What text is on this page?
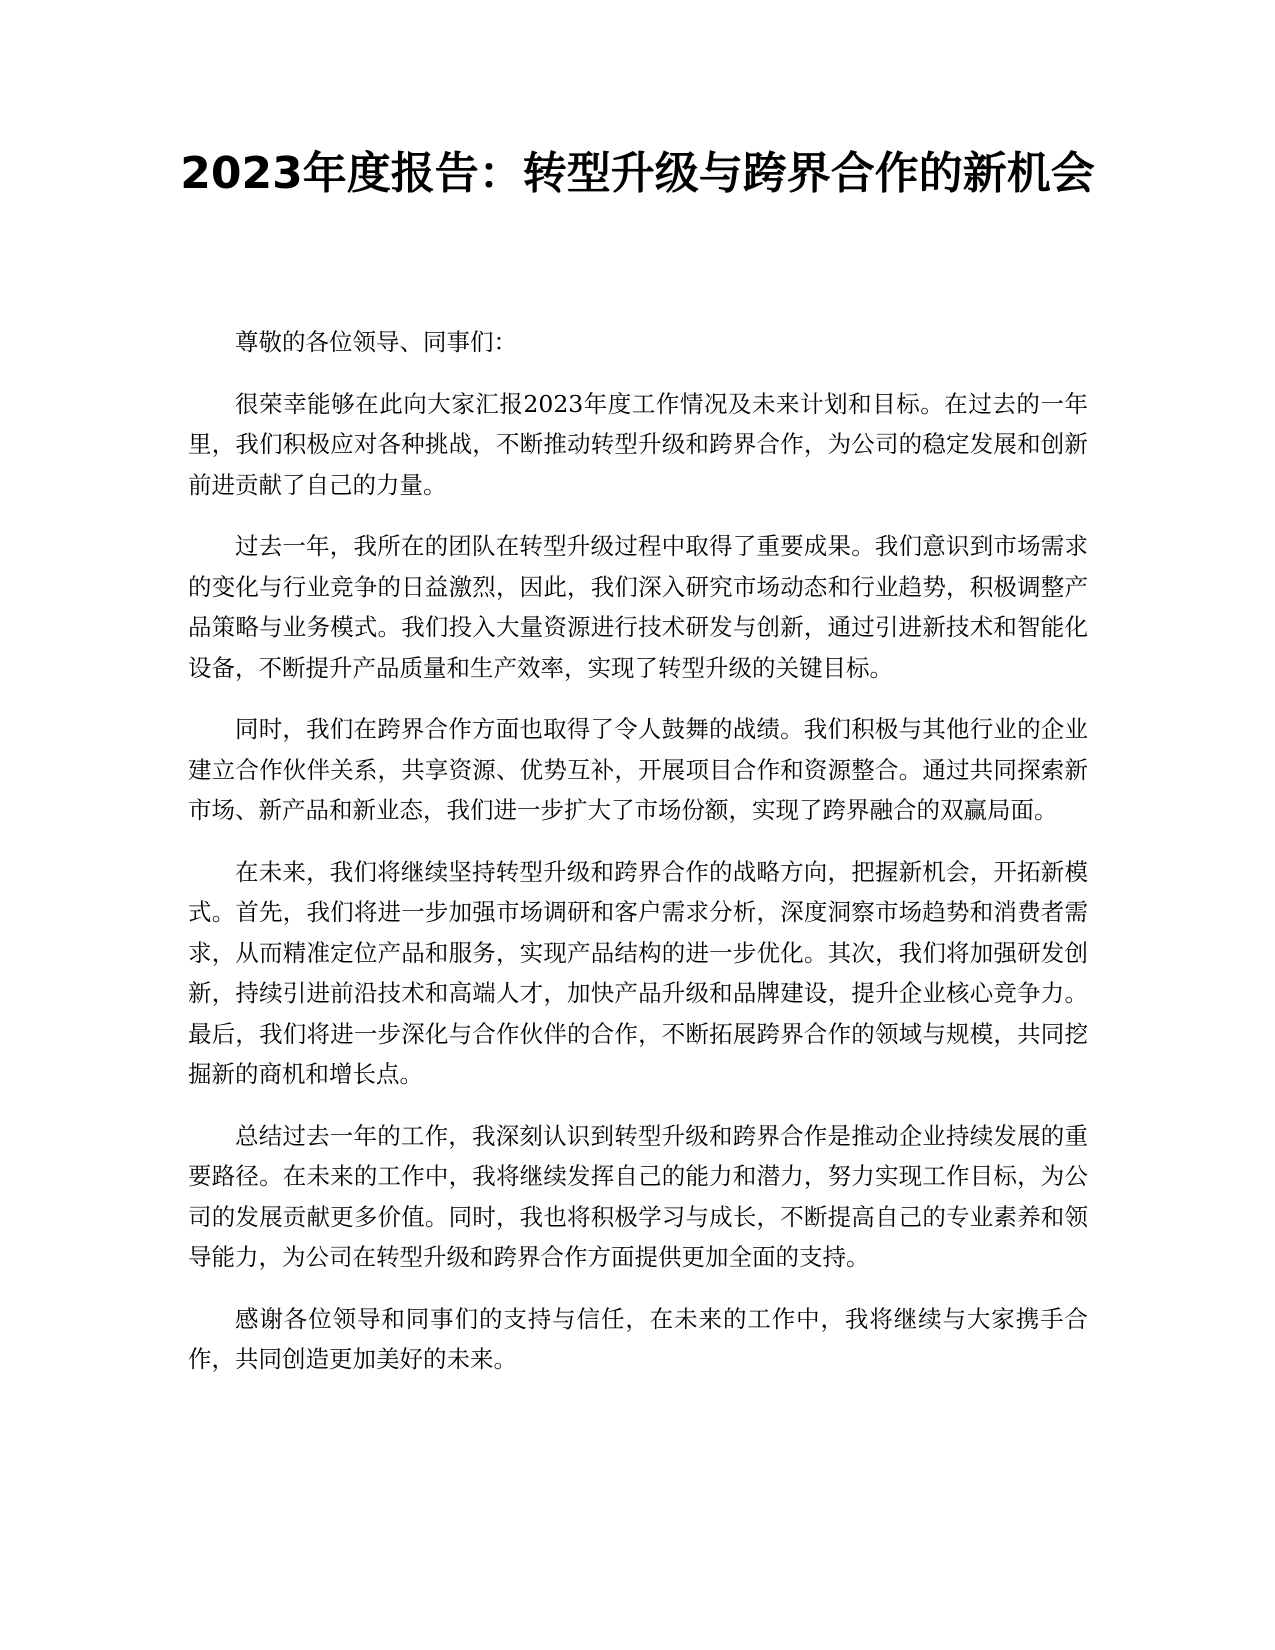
2023年度报告：转型升级与跨界合作的新机会

尊敬的各位领导、同事们：

很荣幸能够在此向大家汇报2023年度工作情况及未来计划和目标。在过去的一年里，我们积极应对各种挑战，不断推动转型升级和跨界合作，为公司的稳定发展和创新前进贡献了自己的力量。

过去一年，我所在的团队在转型升级过程中取得了重要成果。我们意识到市场需求的变化与行业竞争的日益激烈，因此，我们深入研究市场动态和行业趋势，积极调整产品策略与业务模式。我们投入大量资源进行技术研发与创新，通过引进新技术和智能化设备，不断提升产品质量和生产效率，实现了转型升级的关键目标。

同时，我们在跨界合作方面也取得了令人鼓舞的战绩。我们积极与其他行业的企业建立合作伙伴关系，共享资源、优势互补，开展项目合作和资源整合。通过共同探索新市场、新产品和新业态，我们进一步扩大了市场份额，实现了跨界融合的双赢局面。

在未来，我们将继续坚持转型升级和跨界合作的战略方向，把握新机会，开拓新模式。首先，我们将进一步加强市场调研和客户需求分析，深度洞察市场趋势和消费者需求，从而精准定位产品和服务，实现产品结构的进一步优化。其次，我们将加强研发创新，持续引进前沿技术和高端人才，加快产品升级和品牌建设，提升企业核心竞争力。最后，我们将进一步深化与合作伙伴的合作，不断拓展跨界合作的领域与规模，共同挖掘新的商机和增长点。

总结过去一年的工作，我深刻认识到转型升级和跨界合作是推动企业持续发展的重要路径。在未来的工作中，我将继续发挥自己的能力和潜力，努力实现工作目标，为公司的发展贡献更多价值。同时，我也将积极学习与成长，不断提高自己的专业素养和领导能力，为公司在转型升级和跨界合作方面提供更加全面的支持。

感谢各位领导和同事们的支持与信任，在未来的工作中，我将继续与大家携手合作，共同创造更加美好的未来。
